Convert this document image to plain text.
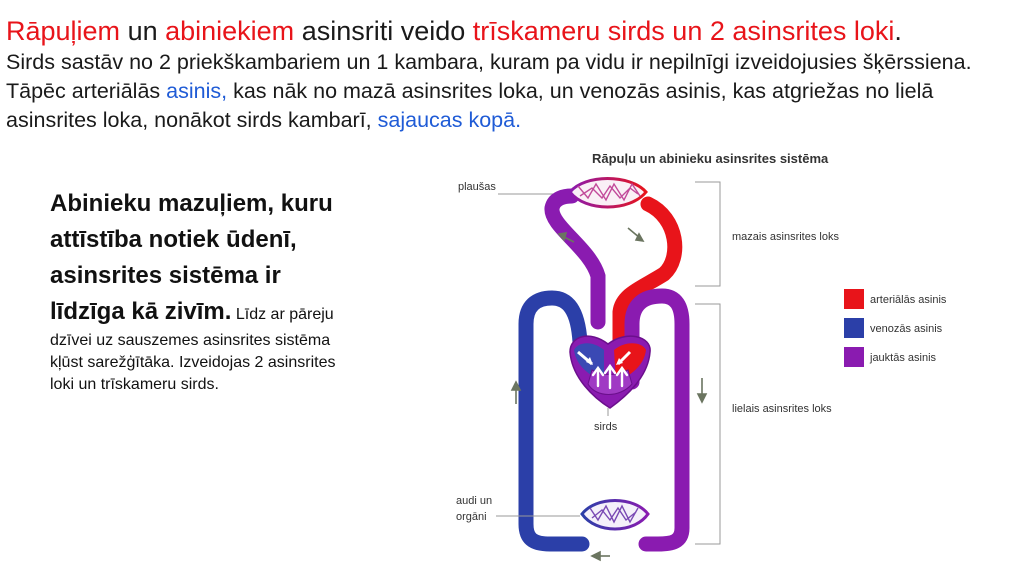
Rāpuļiem un abiniekiem asinsriti veido trīskameru sirds un 2 asinsrites loki.
Sirds sastāv no 2 priekškambariem un 1 kambara, kuram pa vidu ir nepilnīgi izveidojusies šķērssiena. Tāpēc arteriālās asinis, kas nāk no mazā asinsrites loka, un venozās asinis, kas atgriežas no lielā asinsrites loka, nonākot sirds kambarī, sajaucas kopā.
Abinieku mazuļiem, kuru attīstība notiek ūdenī, asinsrites sistēma ir līdzīga kā zivīm. Līdz ar pāreju dzīvei uz sauszemes asinsrites sistēma kļūst sarežģītāka. Izveidojas 2 asinsrites loki un trīskameru sirds.
Rāpuļu un abinieku asinsrites sistēma
mazais asinsrites loks
lielais asinsrites loks
plaušas
sirds
audi un
orgāni
arteriālās asinis
venozās asinis
jauktās asinis
